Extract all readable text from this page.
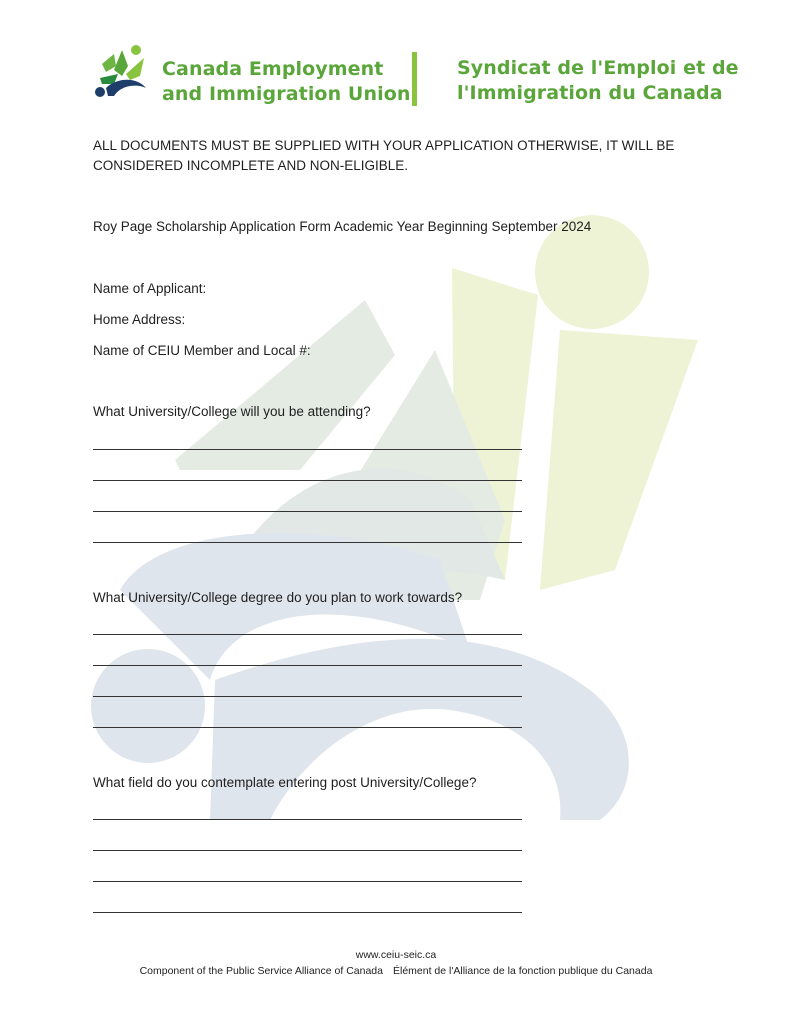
Canada Employment
and Immigration Union
Syndicat de l'Emploi et de
l'Immigration du Canada
ALL DOCUMENTS MUST BE SUPPLIED WITH YOUR APPLICATION OTHERWISE, IT WILL BE
CONSIDERED INCOMPLETE AND NON-ELIGIBLE.
Roy Page Scholarship Application Form Academic Year Beginning September 2024
Name of Applicant:
Home Address:
Name of CEIU Member and Local #:
What University/College will you be attending?
What University/College degree do you plan to work towards?
What field do you contemplate entering post University/College?
www.ceiu-seic.ca
Component of the Public Service Alliance of Canada Élément de l'Alliance de la fonction publique du Canada
